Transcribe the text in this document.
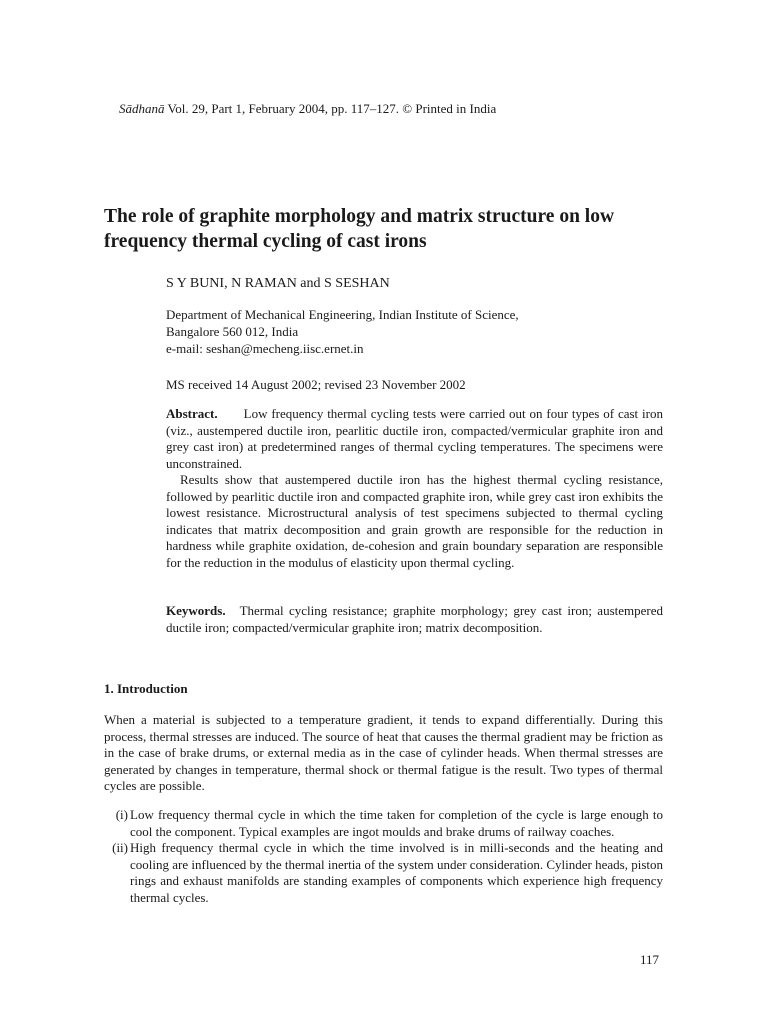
Sādhanā Vol. 29, Part 1, February 2004, pp. 117–127. © Printed in India
The role of graphite morphology and matrix structure on low frequency thermal cycling of cast irons
S Y BUNI, N RAMAN and S SESHAN
Department of Mechanical Engineering, Indian Institute of Science,
Bangalore 560 012, India
e-mail: seshan@mecheng.iisc.ernet.in
MS received 14 August 2002; revised 23 November 2002

Abstract. Low frequency thermal cycling tests were carried out on four types of cast iron (viz., austempered ductile iron, pearlitic ductile iron, compacted/vermicular graphite iron and grey cast iron) at predetermined ranges of thermal cycling temperatures. The specimens were unconstrained.

Results show that austempered ductile iron has the highest thermal cycling resistance, followed by pearlitic ductile iron and compacted graphite iron, while grey cast iron exhibits the lowest resistance. Microstructural analysis of test specimens subjected to thermal cycling indicates that matrix decomposition and grain growth are responsible for the reduction in hardness while graphite oxidation, de-cohesion and grain boundary separation are responsible for the reduction in the modulus of elasticity upon thermal cycling.

Keywords. Thermal cycling resistance; graphite morphology; grey cast iron; austempered ductile iron; compacted/vermicular graphite iron; matrix decomposition.
1. Introduction

When a material is subjected to a temperature gradient, it tends to expand differentially. During this process, thermal stresses are induced. The source of heat that causes the thermal gradient may be friction as in the case of brake drums, or external media as in the case of cylinder heads. When thermal stresses are generated by changes in temperature, thermal shock or thermal fatigue is the result. Two types of thermal cycles are possible.

(i) Low frequency thermal cycle in which the time taken for completion of the cycle is large enough to cool the component. Typical examples are ingot moulds and brake drums of railway coaches.
(ii) High frequency thermal cycle in which the time involved is in milli-seconds and the heating and cooling are influenced by the thermal inertia of the system under consideration. Cylinder heads, piston rings and exhaust manifolds are standing examples of components which experience high frequency thermal cycles.
117
